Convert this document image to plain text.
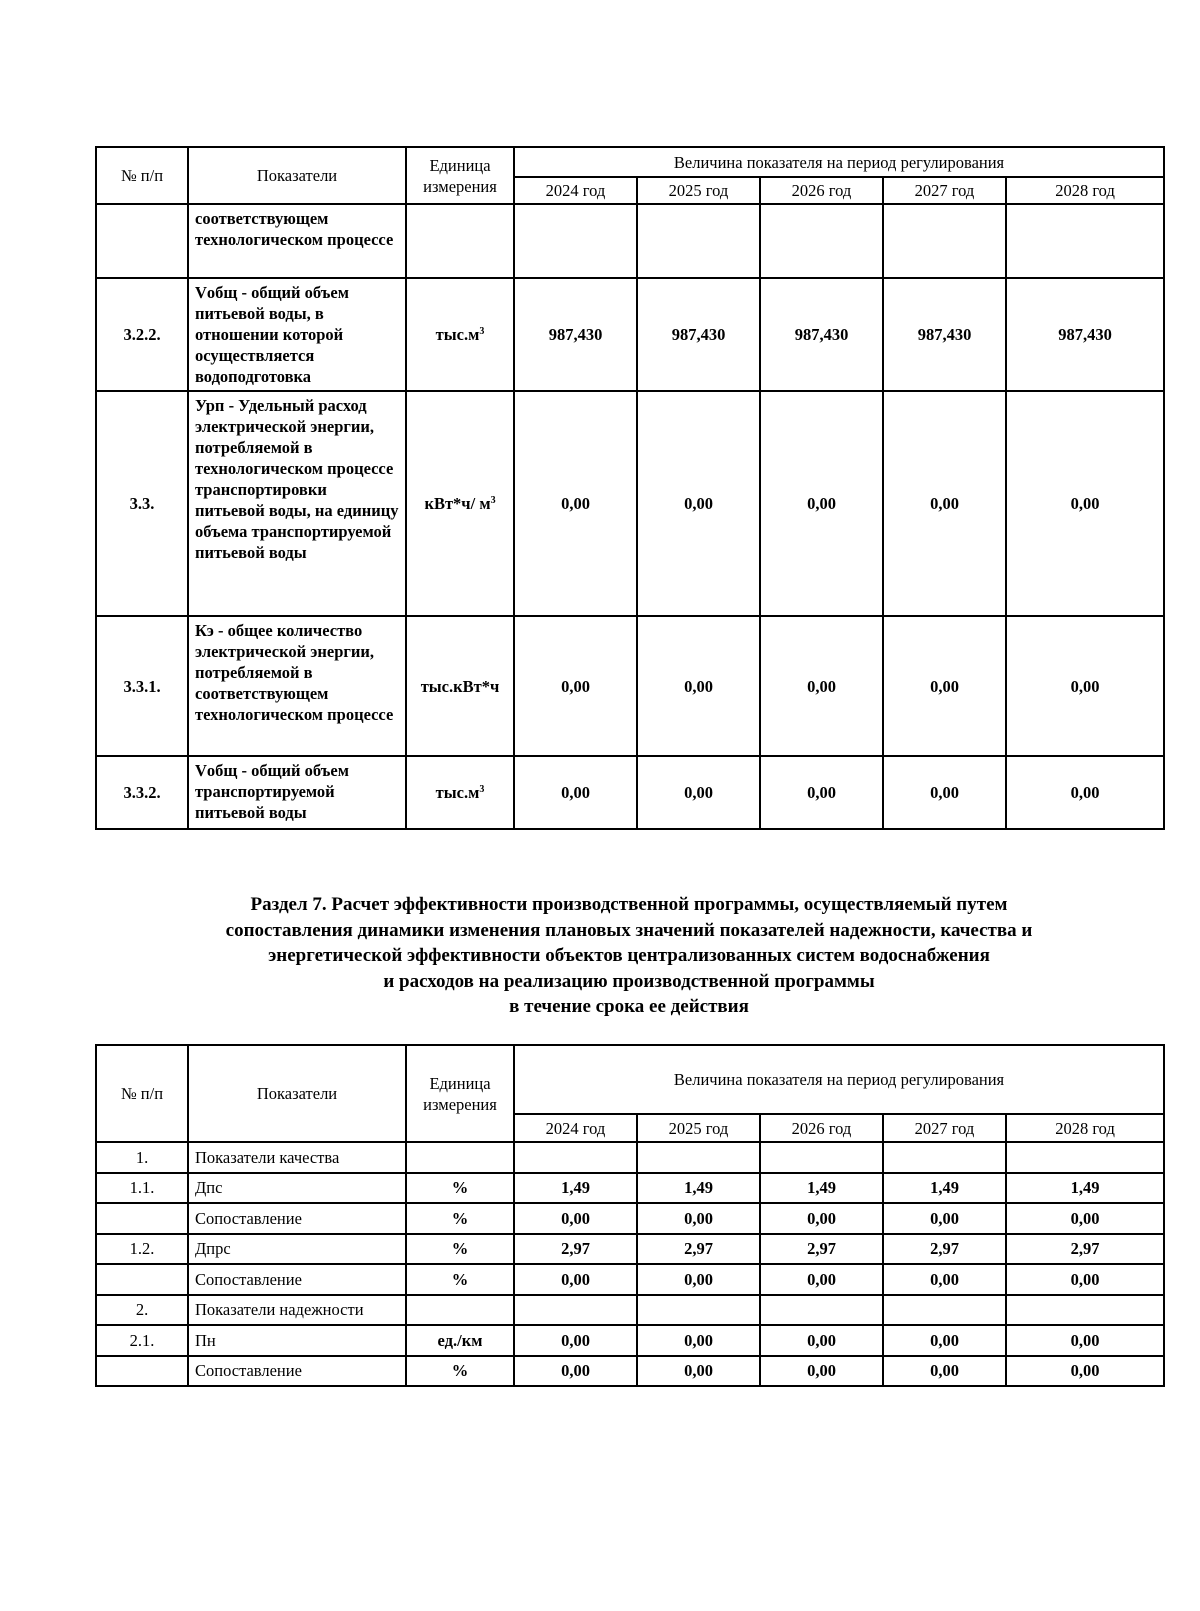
№ п/п	Показатели	Единица измерения	Величина показателя на период регулирования				
			2024 год	2025 год	2026 год	2027 год	2028 год
	соответствующем технологическом процессе						
3.2.2.	Vобщ - общий объем питьевой воды, в отношении которой осуществляется водоподготовка	$тыс.м^3$	987,430	987,430	987,430	987,430	987,430
3.3.	Урп - Удельный расход электрической энергии, потребляемой в технологическом процессе транспортировки питьевой воды, на единицу объема транспортируемой питьевой воды	кВт*ч/ $м^3$	0,00	0,00	0,00	0,00	0,00
3.3.1.	Кэ - общее количество электрической энергии, потребляемой в соответствующем технологическом процессе	тыс.кВт*ч	0,00	0,00	0,00	0,00	0,00
3.3.2.	Vобщ - общий объем транспортируемой питьевой воды	$тыс.м^3$	0,00	0,00	0,00	0,00	0,00
Раздел 7. Расчет эффективности производственной программы, осуществляемый путем
сопоставления динамики изменения плановых значений показателей надежности, качества и
энергетической эффективности объектов централизованных систем водоснабжения
и расходов на реализацию производственной программы
в течение срока ее действия
№ п/п	Показатели	Единица измерения	Величина показателя на период регулирования				
			2024 год	2025 год	2026 год	2027 год	2028 год
1.	Показатели качества						
1.1.	Дпс	%	1,49	1,49	1,49	1,49	1,49
	Сопоставление	%	0,00	0,00	0,00	0,00	0,00
1.2.	Дпрс	%	2,97	2,97	2,97	2,97	2,97
	Сопоставление	%	0,00	0,00	0,00	0,00	0,00
2.	Показатели надежности						
2.1.	Пн	ед./км	0,00	0,00	0,00	0,00	0,00
	Сопоставление	%	0,00	0,00	0,00	0,00	0,00
